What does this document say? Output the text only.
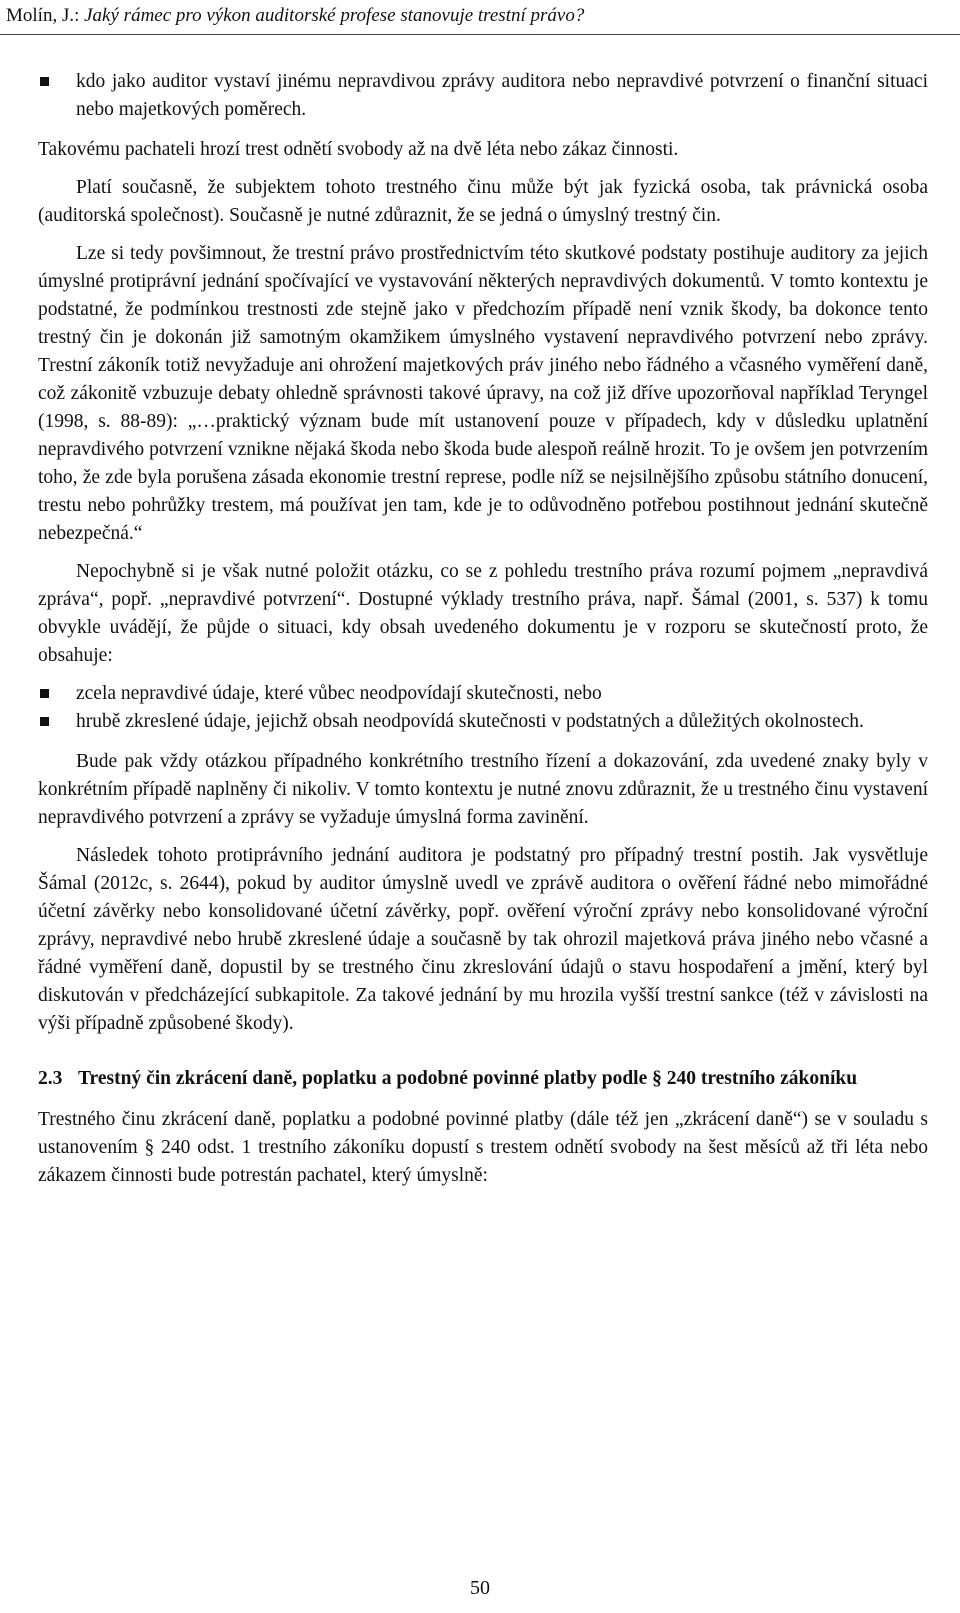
Molín, J.: Jaký rámec pro výkon auditorské profese stanovuje trestní právo?
kdo jako auditor vystaví jinému nepravdivou zprávy auditora nebo nepravdivé potvrzení o finanční situaci nebo majetkových poměrech.

Takovému pachateli hrozí trest odnětí svobody až na dvě léta nebo zákaz činnosti.

Platí současně, že subjektem tohoto trestného činu může být jak fyzická osoba, tak právnická osoba (auditorská společnost). Současně je nutné zdůraznit, že se jedná o úmyslný trestný čin.

Lze si tedy povšimnout, že trestní právo prostřednictvím této skutkové podstaty postihuje auditory za jejich úmyslné protiprávní jednání spočívající ve vystavování některých nepravdivých dokumentů. V tomto kontextu je podstatné, že podmínkou trestnosti zde stejně jako v předchozím případě není vznik škody, ba dokonce tento trestný čin je dokonán již samotným okamžikem úmyslného vystavení nepravdivého potvrzení nebo zprávy. Trestní zákoník totiž nevyžaduje ani ohrožení majetkových práv jiného nebo řádného a včasného vyměření daně, což zákonitě vzbuzuje debaty ohledně správnosti takové úpravy, na což již dříve upozorňoval například Teryngel (1998, s. 88-89): „…praktický význam bude mít ustanovení pouze v případech, kdy v důsledku uplatnění nepravdivého potvrzení vznikne nějaká škoda nebo škoda bude alespoň reálně hrozit. To je ovšem jen potvrzením toho, že zde byla porušena zásada ekonomie trestní represe, podle níž se nejsilnějšího způsobu státního donucení, trestu nebo pohrůžky trestem, má používat jen tam, kde je to odůvodněno potřebou postihnout jednání skutečně nebezpečná.“

Nepochybně si je však nutné položit otázku, co se z pohledu trestního práva rozumí pojmem „nepravdivá zpráva“, popř. „nepravdivé potvrzení“. Dostupné výklady trestního práva, např. Šámal (2001, s. 537) k tomu obvykle uvádějí, že půjde o situaci, kdy obsah uvedeného dokumentu je v rozporu se skutečností proto, že obsahuje:

zcela nepravdivé údaje, které vůbec neodpovídají skutečnosti, nebo
hrubě zkreslené údaje, jejichž obsah neodpovídá skutečnosti v podstatných a důležitých okolnostech.

Bude pak vždy otázkou případného konkrétního trestního řízení a dokazování, zda uvedené znaky byly v konkrétním případě naplněny či nikoliv. V tomto kontextu je nutné znovu zdůraznit, že u trestného činu vystavení nepravdivého potvrzení a zprávy se vyžaduje úmyslná forma zavinění.

Následek tohoto protiprávního jednání auditora je podstatný pro případný trestní postih. Jak vysvětluje Šámal (2012c, s. 2644), pokud by auditor úmyslně uvedl ve zprávě auditora o ověření řádné nebo mimořádné účetní závěrky nebo konsolidované účetní závěrky, popř. ověření výroční zprávy nebo konsolidované výroční zprávy, nepravdivé nebo hrubě zkreslené údaje a současně by tak ohrozil majetková práva jiného nebo včasné a řádné vyměření daně, dopustil by se trestného činu zkreslování údajů o stavu hospodaření a jmění, který byl diskutován v předcházející subkapitole. Za takové jednání by mu hrozila vyšší trestní sankce (též v závislosti na výši případně způsobené škody).

2.3 Trestný čin zkrácení daně, poplatku a podobné povinné platby podle § 240 trestního zákoníku

Trestného činu zkrácení daně, poplatku a podobné povinné platby (dále též jen „zkrácení daně“) se v souladu s ustanovením § 240 odst. 1 trestního zákoníku dopustí s trestem odnětí svobody na šest měsíců až tři léta nebo zákazem činnosti bude potrestán pachatel, který úmyslně:

50
